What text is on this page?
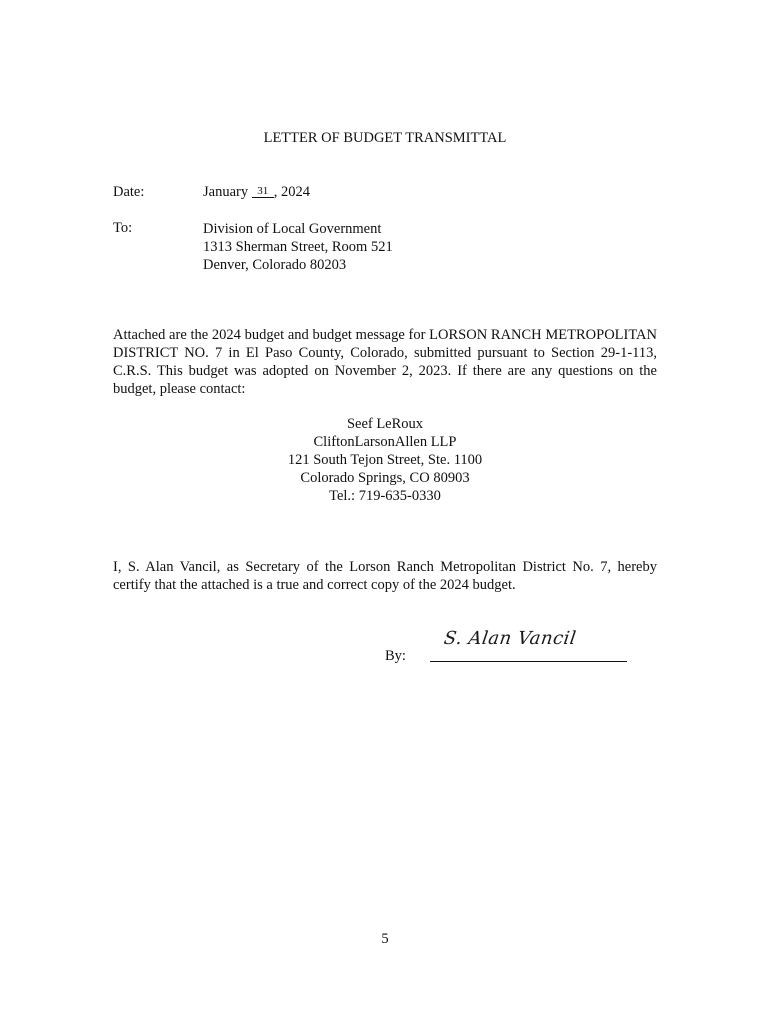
LETTER OF BUDGET TRANSMITTAL
Date:	January 31 , 2024
To:	Division of Local Government
1313 Sherman Street, Room 521
Denver, Colorado 80203
Attached are the 2024 budget and budget message for LORSON RANCH METROPOLITAN DISTRICT NO. 7 in El Paso County, Colorado, submitted pursuant to Section 29-1-113, C.R.S. This budget was adopted on November 2, 2023. If there are any questions on the budget, please contact:
Seef LeRoux
CliftonLarsonAllen LLP
121 South Tejon Street, Ste. 1100
Colorado Springs, CO 80903
Tel.: 719-635-0330
I, S. Alan Vancil, as Secretary of the Lorson Ranch Metropolitan District No. 7, hereby certify that the attached is a true and correct copy of the 2024 budget.
S. Alan Vancil
By:
5
